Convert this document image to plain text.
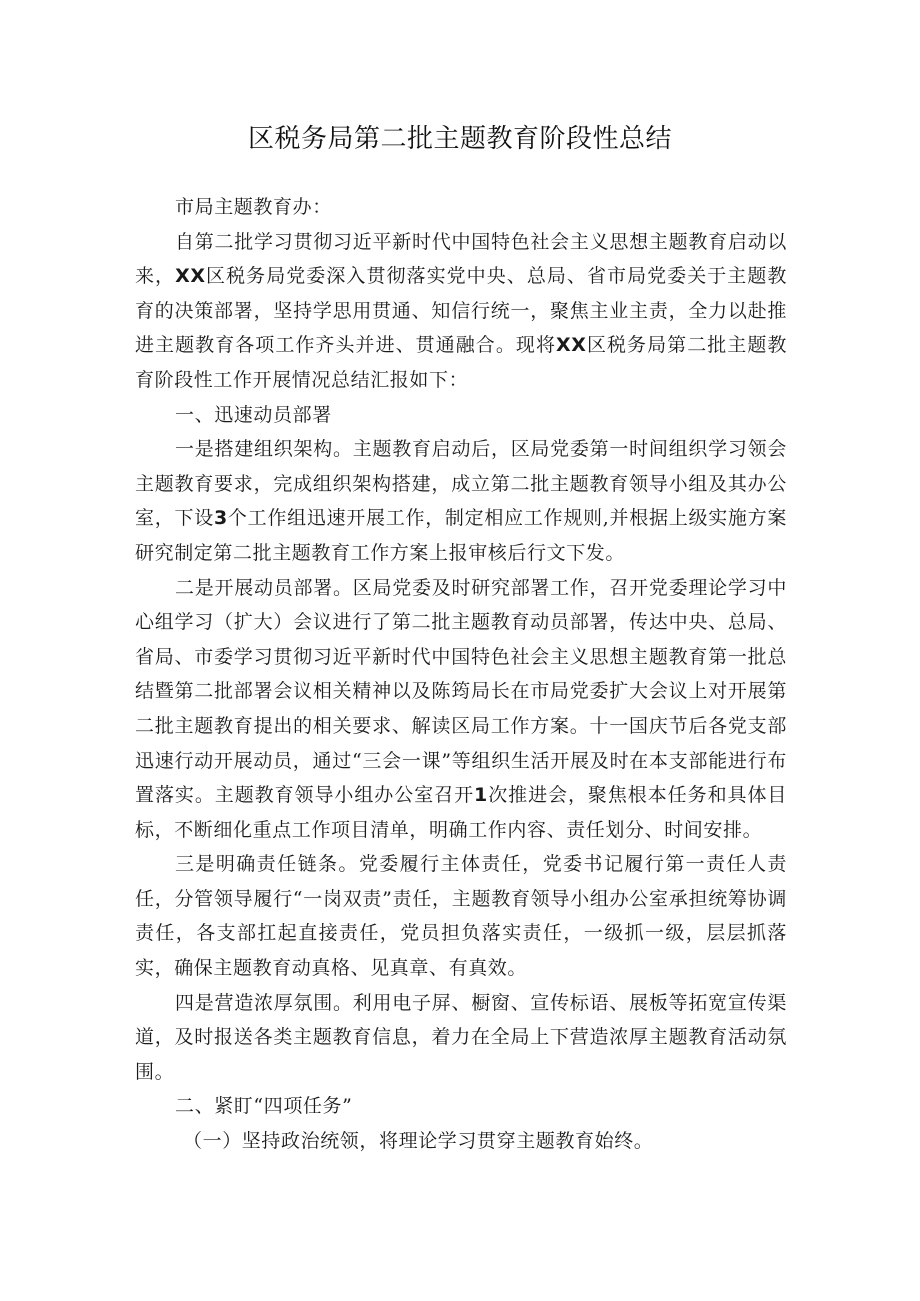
区税务局第二批主题教育阶段性总结

市局主题教育办：

自第二批学习贯彻习近平新时代中国特色社会主义思想主题教育启动以来，XX区税务局党委深入贯彻落实党中央、总局、省市局党委关于主题教育的决策部署，坚持学思用贯通、知信行统一，聚焦主业主责，全力以赴推进主题教育各项工作齐头并进、贯通融合。现将XX区税务局第二批主题教育阶段性工作开展情况总结汇报如下：

一、迅速动员部署

一是搭建组织架构。主题教育启动后，区局党委第一时间组织学习领会主题教育要求，完成组织架构搭建，成立第二批主题教育领导小组及其办公室，下设3个工作组迅速开展工作，制定相应工作规则,并根据上级实施方案研究制定第二批主题教育工作方案上报审核后行文下发。

二是开展动员部署。区局党委及时研究部署工作，召开党委理论学习中心组学习（扩大）会议进行了第二批主题教育动员部署，传达中央、总局、省局、市委学习贯彻习近平新时代中国特色社会主义思想主题教育第一批总结暨第二批部署会议相关精神以及陈筠局长在市局党委扩大会议上对开展第二批主题教育提出的相关要求、解读区局工作方案。十一国庆节后各党支部迅速行动开展动员，通过“三会一课”等组织生活开展及时在本支部能进行布置落实。主题教育领导小组办公室召开1次推进会，聚焦根本任务和具体目标，不断细化重点工作项目清单，明确工作内容、责任划分、时间安排。

三是明确责任链条。党委履行主体责任，党委书记履行第一责任人责任，分管领导履行“一岗双责”责任，主题教育领导小组办公室承担统筹协调责任，各支部扛起直接责任，党员担负落实责任，一级抓一级，层层抓落实，确保主题教育动真格、见真章、有真效。

四是营造浓厚氛围。利用电子屏、橱窗、宣传标语、展板等拓宽宣传渠道，及时报送各类主题教育信息，着力在全局上下营造浓厚主题教育活动氛围。

二、紧盯“四项任务”

（一）坚持政治统领，将理论学习贯穿主题教育始终。
